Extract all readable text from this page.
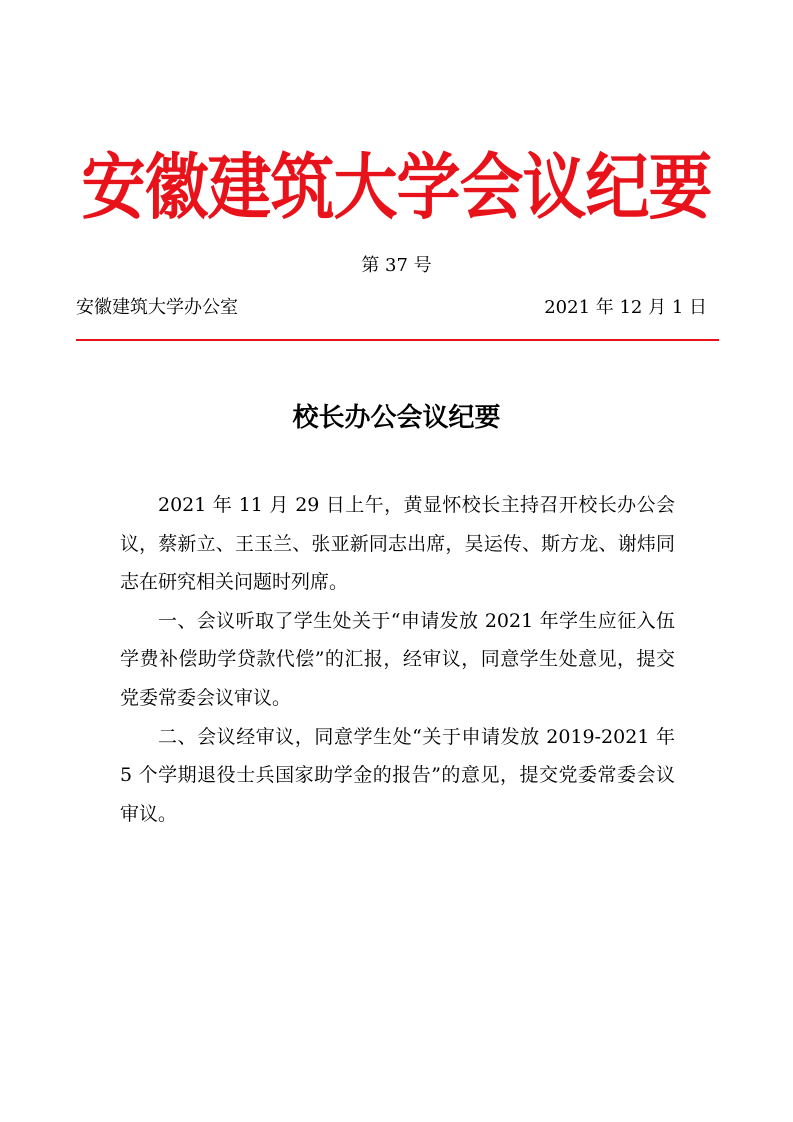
安徽建筑大学会议纪要
第 37 号
安徽建筑大学办公室	2021 年 12 月 1 日
校长办公会议纪要

2021 年 11 月 29 日上午，黄显怀校长主持召开校长办公会议，蔡新立、王玉兰、张亚新同志出席，吴运传、斯方龙、谢炜同志在研究相关问题时列席。

一、会议听取了学生处关于“申请发放 2021 年学生应征入伍学费补偿助学贷款代偿”的汇报，经审议，同意学生处意见，提交党委常委会议审议。

二、会议经审议，同意学生处“关于申请发放 2019-2021 年 5 个学期退役士兵国家助学金的报告”的意见，提交党委常委会议审议。
